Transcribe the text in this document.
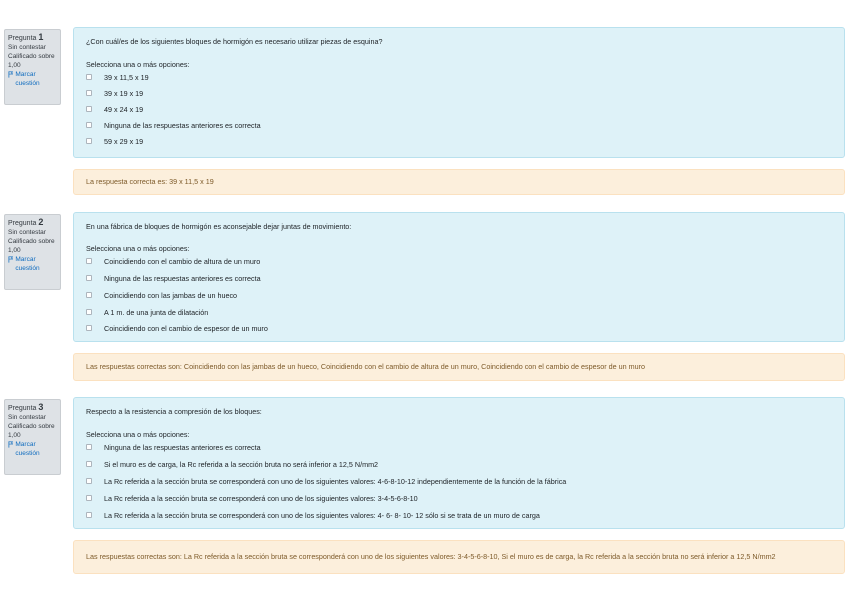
Pregunta 1
Sin contestar
Calificado sobre 1,00
Marcar cuestión
¿Con cuál/es de los siguientes bloques de hormigón es necesario utilizar piezas de esquina?
Selecciona una o más opciones:
39 x 11,5 x 19
39 x 19 x 19
49 x 24 x 19
Ninguna de las respuestas anteriores es correcta
59 x 29 x 19
La respuesta correcta es: 39 x 11,5 x 19
Pregunta 2
Sin contestar
Calificado sobre 1,00
Marcar cuestión
En una fábrica de bloques de hormigón es aconsejable dejar juntas de movimiento:
Selecciona una o más opciones:
Coincidiendo con el cambio de altura de un muro
Ninguna de las respuestas anteriores es correcta
Coincidiendo con las jambas de un hueco
A 1 m. de una junta de dilatación
Coincidiendo con el cambio de espesor de un muro
Las respuestas correctas son: Coincidiendo con las jambas de un hueco, Coincidiendo con el cambio de altura de un muro, Coincidiendo con el cambio de espesor de un muro
Pregunta 3
Sin contestar
Calificado sobre 1,00
Marcar cuestión
Respecto a la resistencia a compresión de los bloques:
Selecciona una o más opciones:
Ninguna de las respuestas anteriores es correcta
Si el muro es de carga, la Rc referida a la sección bruta no será inferior a 12,5 N/mm2
La Rc referida a la sección bruta se corresponderá con uno de los siguientes valores: 4-6-8-10-12 independientemente de la función de la fábrica
La Rc referida a la sección bruta se corresponderá con uno de los siguientes valores: 3-4-5-6-8-10
La Rc referida a la sección bruta se corresponderá con uno de los siguientes valores: 4- 6- 8- 10- 12 sólo si se trata de un muro de carga
Las respuestas correctas son: La Rc referida a la sección bruta se corresponderá con uno de los siguientes valores: 3-4-5-6-8-10, Si el muro es de carga, la Rc referida a la sección bruta no será inferior a 12,5 N/mm2
